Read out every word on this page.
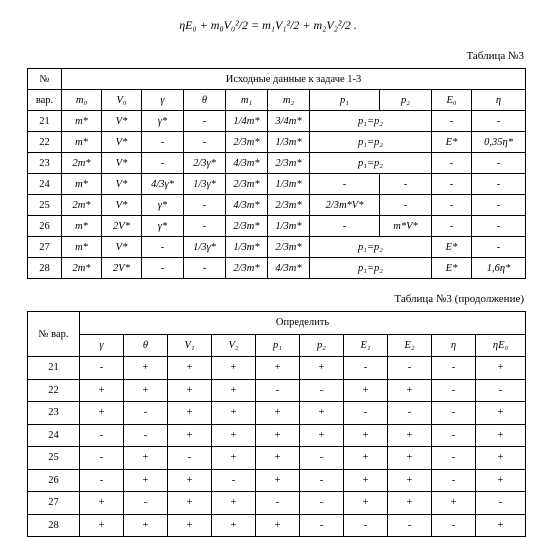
ηE₀ + m₀V₀²/2 = m₁V₁²/2 + m₂V₂²/2 .
Таблица №3
№	Исходные данные к задаче 1-3									
вар.	m₀	V₀	γ	θ	m₁	m₂	p₁	p₂	E₀	η
21	m*	V*	γ*	-	1/4m*	3/4m*	p₁=p₂		-	-
22	m*	V*	-	-	2/3m*	1/3m*	p₁=p₂		E*	0,35η*
23	2m*	V*	-	2/3γ*	4/3m*	2/3m*	p₁=p₂		-	-
24	m*	V*	4/3γ*	1/3γ*	2/3m*	1/3m*	-	-	-	-
25	2m*	V*	γ*	-	4/3m*	2/3m*	2/3m*V*	-	-	-
26	m*	2V*	γ*	-	2/3m*	1/3m*	-	m*V*	-	-
27	m*	V*	-	1/3γ*	1/3m*	2/3m*	p₁=p₂		E*	-
28	2m*	2V*	-	-	2/3m*	4/3m*	p₁=p₂		E*	1,6η*
Таблица №3 (продолжение)
№ вар.	Определить									
	γ	θ	V₁	V₂	p₁	p₂	E₁	E₂	η	ηE₀
21	-	+	+	+	+	+	-	-	-	+
22	+	+	+	+	-	-	+	+	-	-
23	+	-	+	+	+	+	-	-	-	+
24	-	-	+	+	+	+	+	+	-	+
25	-	+	-	+	+	-	+	+	-	+
26	-	+	+	-	+	-	+	+	-	+
27	+	-	+	+	-	-	+	+	+	-
28	+	+	+	+	+	-	-	-	-	+
